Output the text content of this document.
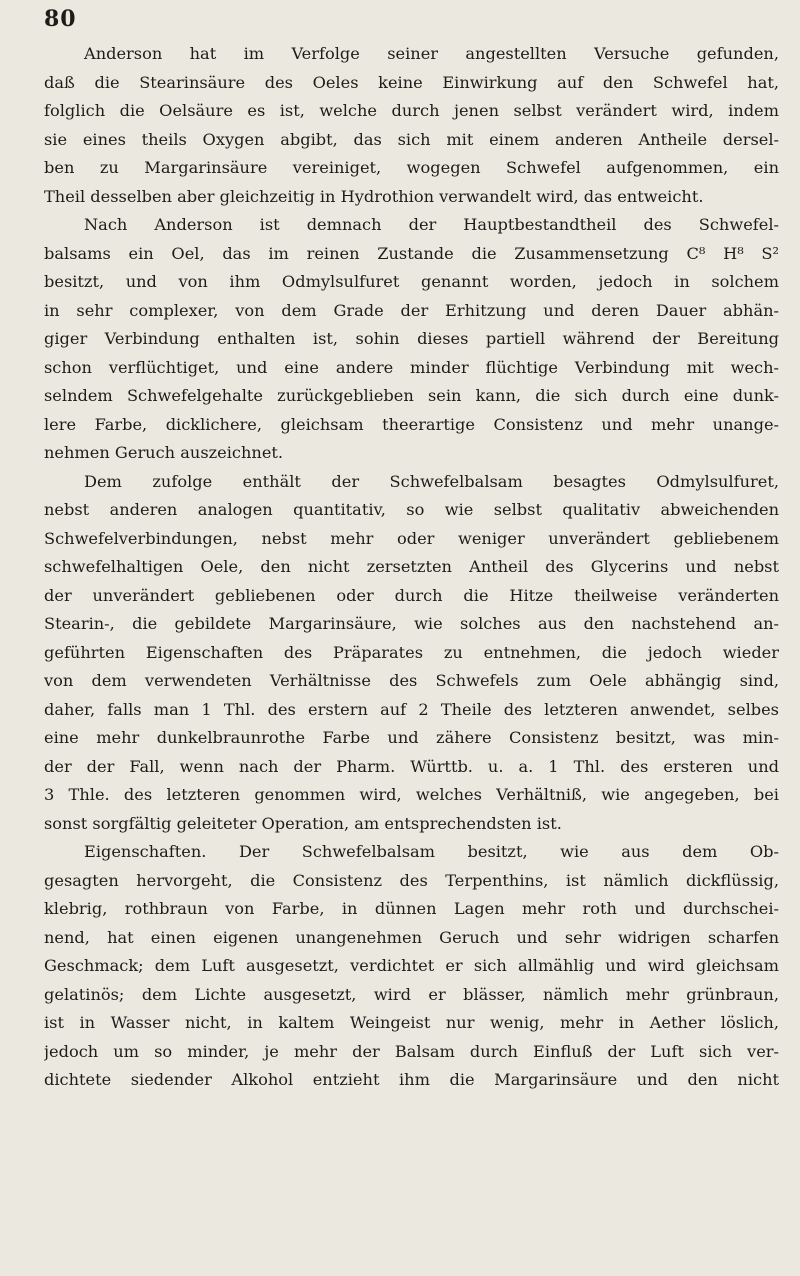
80
Anderson hat im Verfolge seiner angestellten Versuche gefunden,
daß die Stearinsäure des Oeles keine Einwirkung auf den Schwefel hat,
folglich die Oelsäure es ist, welche durch jenen selbst verändert wird, indem
sie eines theils Oxygen abgibt, das sich mit einem anderen Antheile dersel-
ben zu Margarinsäure vereiniget, wogegen Schwefel aufgenommen, ein
Theil desselben aber gleichzeitig in Hydrothion verwandelt wird, das entweicht.
Nach Anderson ist demnach der Hauptbestandtheil des Schwefel-
balsams ein Oel, das im reinen Zustande die Zusammensetzung C⁸ H⁸ S²
besitzt, und von ihm Odmylsulfuret genannt worden, jedoch in solchem
in sehr complexer, von dem Grade der Erhitzung und deren Dauer abhän-
giger Verbindung enthalten ist, sohin dieses partiell während der Bereitung
schon verflüchtiget, und eine andere minder flüchtige Verbindung mit wech-
selndem Schwefelgehalte zurückgeblieben sein kann, die sich durch eine dunk-
lere Farbe, dicklichere, gleichsam theerartige Consistenz und mehr unange-
nehmen Geruch auszeichnet.
Dem zufolge enthält der Schwefelbalsam besagtes Odmylsulfuret,
nebst anderen analogen quantitativ, so wie selbst qualitativ abweichenden
Schwefelverbindungen, nebst mehr oder weniger unverändert gebliebenem
schwefelhaltigen Oele, den nicht zersetzten Antheil des Glycerins und nebst
der unverändert gebliebenen oder durch die Hitze theilweise veränderten
Stearin-, die gebildete Margarinsäure, wie solches aus den nachstehend an-
geführten Eigenschaften des Präparates zu entnehmen, die jedoch wieder
von dem verwendeten Verhältnisse des Schwefels zum Oele abhängig sind,
daher, falls man 1 Thl. des erstern auf 2 Theile des letzteren anwendet, selbes
eine mehr dunkelbraunrothe Farbe und zähere Consistenz besitzt, was min-
der der Fall, wenn nach der Pharm. Württb. u. a. 1 Thl. des ersteren und
3 Thle. des letzteren genommen wird, welches Verhältniß, wie angegeben, bei
sonst sorgfältig geleiteter Operation, am entsprechendsten ist.
Eigenschaften. Der Schwefelbalsam besitzt, wie aus dem Ob-
gesagten hervorgeht, die Consistenz des Terpenthins, ist nämlich dickflüssig,
klebrig, rothbraun von Farbe, in dünnen Lagen mehr roth und durchschei-
nend, hat einen eigenen unangenehmen Geruch und sehr widrigen scharfen
Geschmack; dem Luft ausgesetzt, verdichtet er sich allmählig und wird gleichsam
gelatinös; dem Lichte ausgesetzt, wird er blässer, nämlich mehr grünbraun,
ist in Wasser nicht, in kaltem Weingeist nur wenig, mehr in Aether löslich,
jedoch um so minder, je mehr der Balsam durch Einfluß der Luft sich ver-
dichtete siedender Alkohol entzieht ihm die Margarinsäure und den nicht
